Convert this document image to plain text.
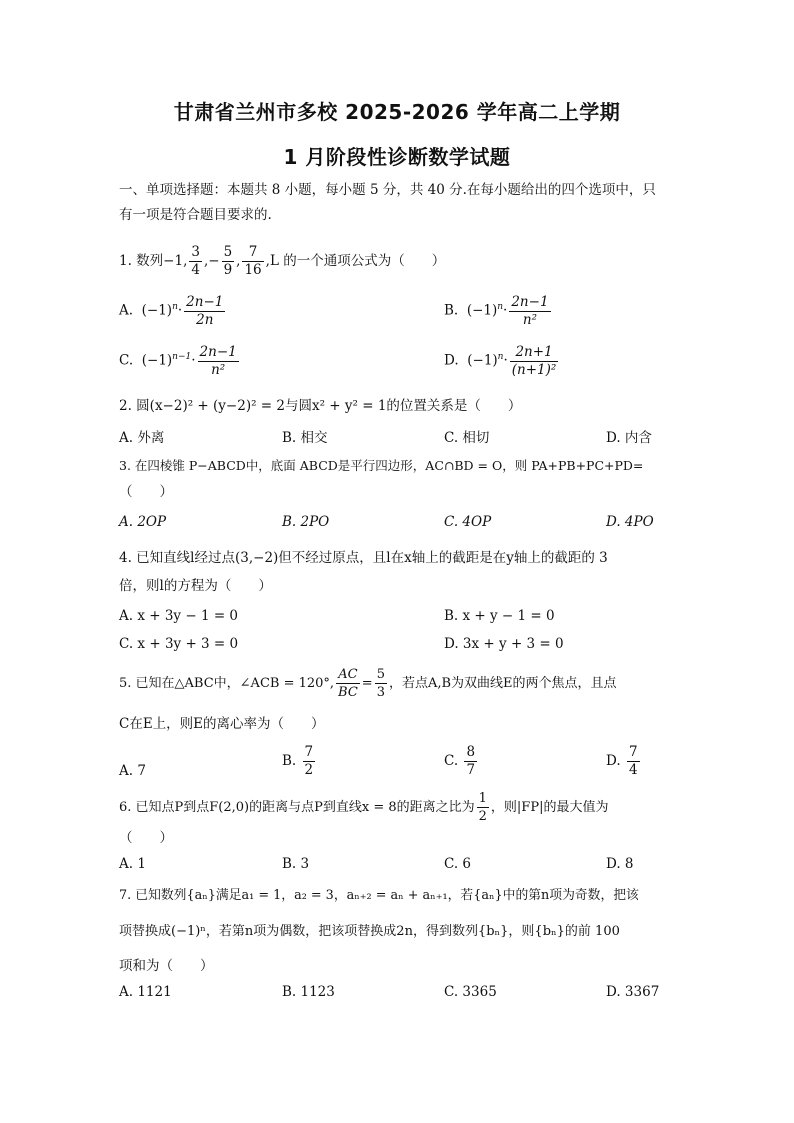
甘肃省兰州市多校 2025-2026 学年高二上学期
1 月阶段性诊断数学试题
一、单项选择题：本题共 8 小题，每小题 5 分，共 40 分.在每小题给出的四个选项中，只
有一项是符合题目要求的.
1. 数列−1, $\frac{3}{4}$ ,− $\frac{5}{9}$ , $\frac{7}{16} ,L$ 的一个通项公式为（　　）
A. $(-1)^n\cdot \frac{2n-1}{2n}$	B. $(-1)^n\cdot \frac{2n-1}{\text{n²}}$
C. $(-1)^{n-1}\cdot \frac{2n-1}{\text{n²}}$	D. $(-1)^n\cdot \frac{2n+1}{\text{(n+1)²}}$
2. 圆(x−2)² + (y−2)² = 2与圆x² + y² = 1的位置关系是（　　）
A. 外离	B. 相交	C. 相切	D. 内含
3. 在四棱锥 P−ABCD中，底面 ABCD是平行四边形，AC∩BD = O，则 PA+PB+PC+PD=
（　　）
A. 2OP	B. 2PO	C. 4OP	D. 4PO
4. 已知直线l经过点(3,−2)但不经过原点，且l在x轴上的截距是在y轴上的截距的 3
倍，则l的方程为（　　）
A. x + 3y − 1 = 0	B. x + y − 1 = 0
C. x + 3y + 3 = 0	D. 3x + y + 3 = 0
5. 已知在△ABC中，∠ACB = 120°, $\frac{AC}{BC} = \frac{5}{3}$ ，若点A,B为双曲线E的两个焦点，且点
C在E上，则E的离心率为（　　）
A. 7
B. $\frac{7}{2}$	C. $\frac{8}{7}$	D. $\frac{7}{4}$
6. 已知点P到点F(2,0)的距离与点P到直线x = 8的距离之比为 $\frac{1}{2}$ ，则|FP|的最大值为
（　　）
A. 1	B. 3	C. 6	D. 8
7. 已知数列{aₙ}满足a₁ = 1，a₂ = 3，aₙ₊₂ = aₙ + aₙ₊₁，若{aₙ}中的第n项为奇数，把该
项替换成(−1)ⁿ，若第n项为偶数，把该项替换成2n，得到数列{bₙ}，则{bₙ}的前 100
项和为（　　）
A. 1121	B. 1123	C. 3365	D. 3367
